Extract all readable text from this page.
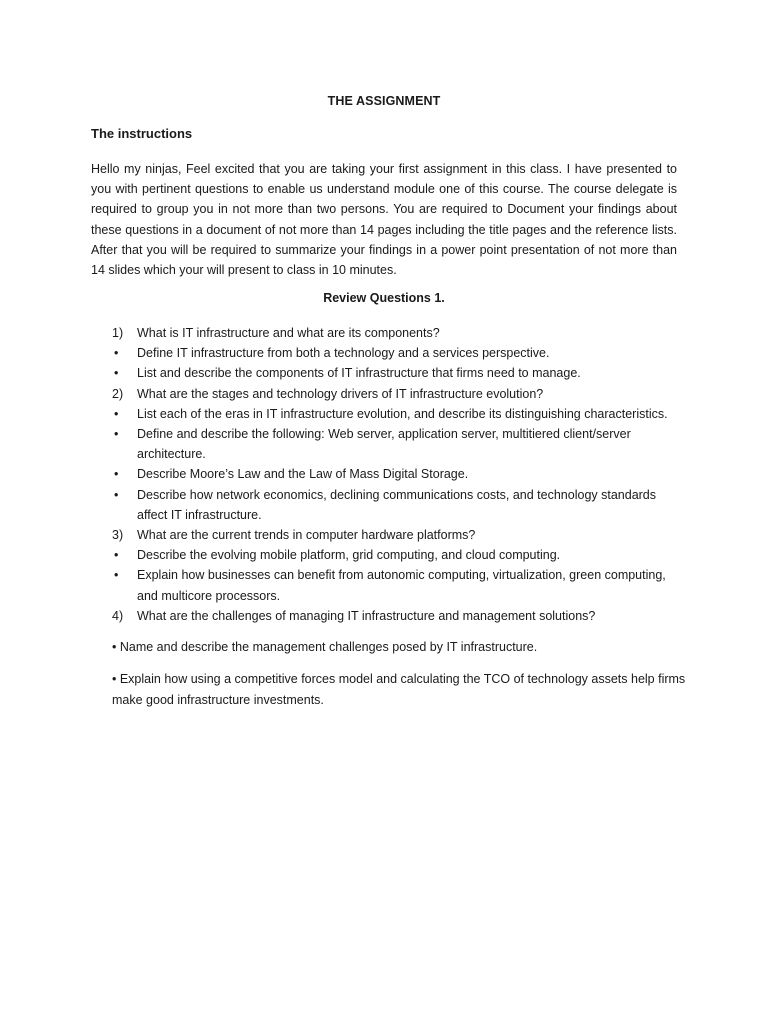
THE ASSIGNMENT
The instructions

Hello my ninjas, Feel excited that you are taking your first assignment in this class. I have presented to you with pertinent questions to enable us understand module one of this course. The course delegate is required to group you in not more than two persons. You are required to Document your findings about these questions in a document of not more than 14 pages including the title pages and the reference lists. After that you will be required to summarize your findings in a power point presentation of not more than 14 slides which your will present to class in 10 minutes.

Review Questions 1.
1)	What is IT infrastructure and what are its components?
•	Define IT infrastructure from both a technology and a services perspective.
•	List and describe the components of IT infrastructure that firms need to manage.
2)	What are the stages and technology drivers of IT infrastructure evolution?
•	List each of the eras in IT infrastructure evolution, and describe its distinguishing characteristics.
•	Define and describe the following: Web server, application server, multitiered client/server architecture.
•	Describe Moore’s Law and the Law of Mass Digital Storage.
•	Describe how network economics, declining communications costs, and technology standards affect IT infrastructure.
3)	What are the current trends in computer hardware platforms?
•	Describe the evolving mobile platform, grid computing, and cloud computing.
•	Explain how businesses can benefit from autonomic computing, virtualization, green computing, and multicore processors.
4)	What are the challenges of managing IT infrastructure and management solutions?

• Name and describe the management challenges posed by IT infrastructure.

• Explain how using a competitive forces model and calculating the TCO of technology assets help firms make good infrastructure investments.
